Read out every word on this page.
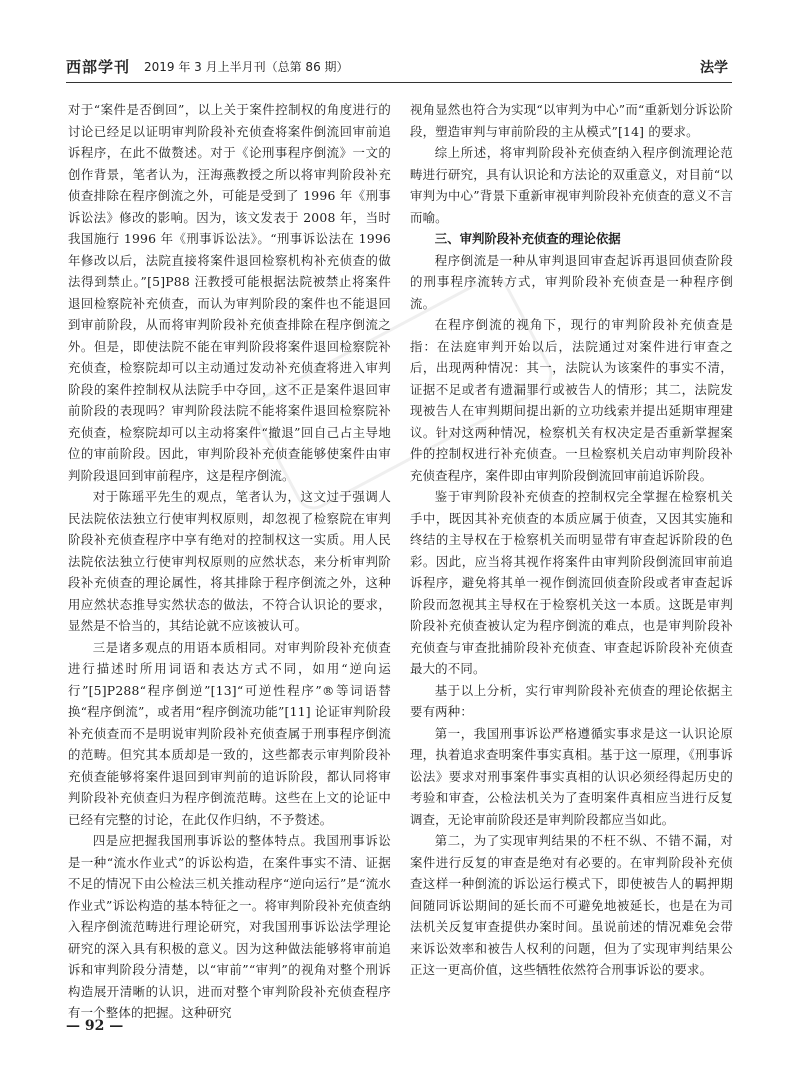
西部学刊 2019 年 3 月上半月刊（总第 86 期）	法学

对于“案件是否倒回”，以上关于案件控制权的角度进行的讨论已经足以证明审判阶段补充侦查将案件倒流回审前追诉程序，在此不做赘述。对于《论刑事程序倒流》一文的创作背景，笔者认为，汪海燕教授之所以将审判阶段补充侦查排除在程序倒流之外，可能是受到了 1996 年《刑事诉讼法》修改的影响。因为，该文发表于 2008 年，当时我国施行 1996 年《刑事诉讼法》。“刑事诉讼法在 1996 年修改以后，法院直接将案件退回检察机构补充侦查的做法得到禁止。”[5]P88 汪教授可能根据法院被禁止将案件退回检察院补充侦查，而认为审判阶段的案件也不能退回到审前阶段，从而将审判阶段补充侦查排除在程序倒流之外。但是，即使法院不能在审判阶段将案件退回检察院补充侦查，检察院却可以主动通过发动补充侦查将进入审判阶段的案件控制权从法院手中夺回，这不正是案件退回审前阶段的表现吗？审判阶段法院不能将案件退回检察院补充侦查，检察院却可以主动将案件“撤退”回自己占主导地位的审前阶段。因此，审判阶段补充侦查能够使案件由审判阶段退回到审前程序，这是程序倒流。

对于陈瑶平先生的观点，笔者认为，这文过于强调人民法院依法独立行使审判权原则，却忽视了检察院在审判阶段补充侦查程序中享有绝对的控制权这一实质。用人民法院依法独立行使审判权原则的应然状态，来分析审判阶段补充侦查的理论属性，将其排除于程序倒流之外，这种用应然状态推导实然状态的做法，不符合认识论的要求，显然是不恰当的，其结论就不应该被认可。

三是诸多观点的用语本质相同。对审判阶段补充侦查进行描述时所用词语和表达方式不同，如用“逆向运行”[5]P288“程序倒逆”[13]“可逆性程序”®等词语替换“程序倒流”，或者用“程序倒流功能”[11] 论证审判阶段补充侦查而不是明说审判阶段补充侦查属于刑事程序倒流的范畴。但究其本质却是一致的，这些都表示审判阶段补充侦查能够将案件退回到审判前的追诉阶段，都认同将审判阶段补充侦查归为程序倒流范畴。这些在上文的论证中已经有完整的讨论，在此仅作归纳，不予赘述。

四是应把握我国刑事诉讼的整体特点。我国刑事诉讼是一种“流水作业式”的诉讼构造，在案件事实不清、证据不足的情况下由公检法三机关推动程序“逆向运行”是“流水作业式”诉讼构造的基本特征之一。将审判阶段补充侦查纳入程序倒流范畴进行理论研究，对我国刑事诉讼法学理论研究的深入具有积极的意义。因为这种做法能够将审前追诉和审判阶段分清楚，以“审前”“审判”的视角对整个刑诉构造展开清晰的认识，进而对整个审判阶段补充侦查程序有一个整体的把握。这种研究

视角显然也符合为实现“以审判为中心”而“重新划分诉讼阶段，塑造审判与审前阶段的主从模式”[14] 的要求。

综上所述，将审判阶段补充侦查纳入程序倒流理论范畴进行研究，具有认识论和方法论的双重意义，对目前“以审判为中心”背景下重新审视审判阶段补充侦查的意义不言而喻。

三、审判阶段补充侦查的理论依据

程序倒流是一种从审判退回审查起诉再退回侦查阶段的刑事程序流转方式，审判阶段补充侦查是一种程序倒流。

在程序倒流的视角下，现行的审判阶段补充侦查是指：在法庭审判开始以后，法院通过对案件进行审查之后，出现两种情况：其一，法院认为该案件的事实不清，证据不足或者有遗漏罪行或被告人的情形；其二，法院发现被告人在审判期间提出新的立功线索并提出延期审理建议。针对这两种情况，检察机关有权决定是否重新掌握案件的控制权进行补充侦查。一旦检察机关启动审判阶段补充侦查程序，案件即由审判阶段倒流回审前追诉阶段。

鉴于审判阶段补充侦查的控制权完全掌握在检察机关手中，既因其补充侦查的本质应属于侦查，又因其实施和终结的主导权在于检察机关而明显带有审查起诉阶段的色彩。因此，应当将其视作将案件由审判阶段倒流回审前追诉程序，避免将其单一视作倒流回侦查阶段或者审查起诉阶段而忽视其主导权在于检察机关这一本质。这既是审判阶段补充侦查被认定为程序倒流的难点，也是审判阶段补充侦查与审查批捕阶段补充侦查、审查起诉阶段补充侦查最大的不同。

基于以上分析，实行审判阶段补充侦查的理论依据主要有两种：

第一，我国刑事诉讼严格遵循实事求是这一认识论原理，执着追求查明案件事实真相。基于这一原理，《刑事诉讼法》要求对刑事案件事实真相的认识必须经得起历史的考验和审查，公检法机关为了查明案件真相应当进行反复调查，无论审前阶段还是审判阶段都应当如此。

第二，为了实现审判结果的不枉不纵、不错不漏，对案件进行反复的审查是绝对有必要的。在审判阶段补充侦查这样一种倒流的诉讼运行模式下，即使被告人的羁押期间随同诉讼期间的延长而不可避免地被延长，也是在为司法机关反复审查提供办案时间。虽说前述的情况难免会带来诉讼效率和被告人权利的问题，但为了实现审判结果公正这一更高价值，这些牺牲依然符合刑事诉讼的要求。

— 92 —
